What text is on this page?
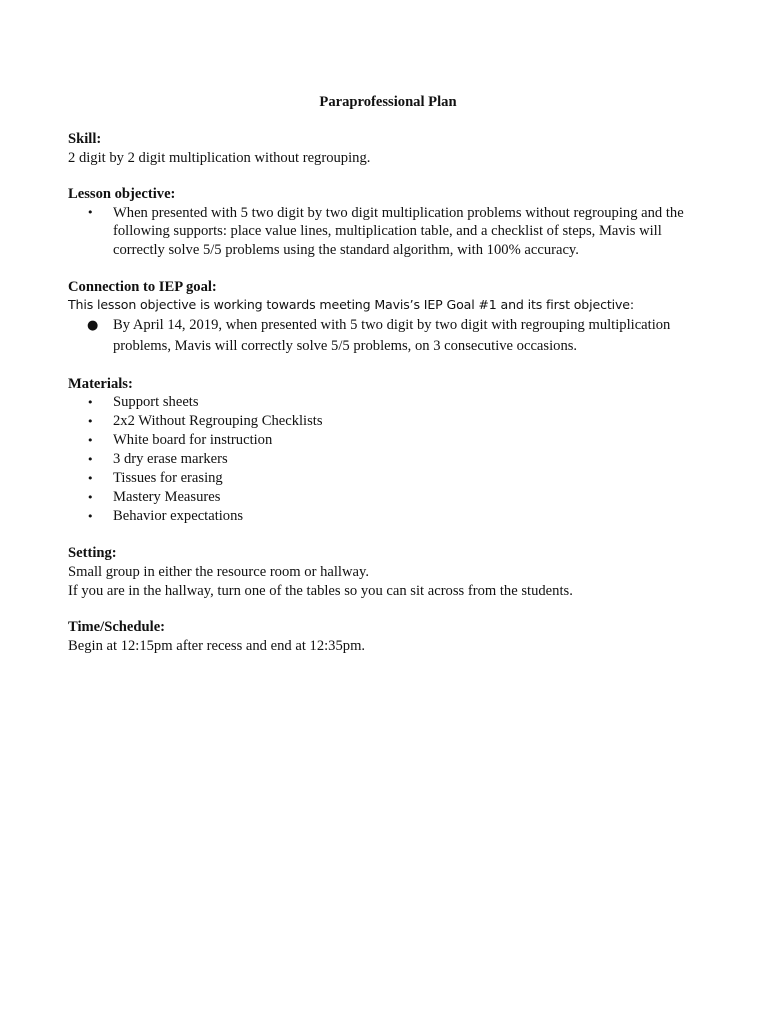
Paraprofessional Plan
Skill:
2 digit by 2 digit multiplication without regrouping.
Lesson objective:
• When presented with 5 two digit by two digit multiplication problems without regrouping and the following supports: place value lines, multiplication table, and a checklist of steps, Mavis will correctly solve 5/5 problems using the standard algorithm, with 100% accuracy.
Connection to IEP goal:
This lesson objective is working towards meeting Mavis’s IEP Goal #1 and its first objective:
● By April 14, 2019, when presented with 5 two digit by two digit with regrouping multiplication problems, Mavis will correctly solve 5/5 problems, on 3 consecutive occasions.
Materials:
• Support sheets
• 2x2 Without Regrouping Checklists
• White board for instruction
• 3 dry erase markers
• Tissues for erasing
• Mastery Measures
• Behavior expectations
Setting:
Small group in either the resource room or hallway.
If you are in the hallway, turn one of the tables so you can sit across from the students.
Time/Schedule:
Begin at 12:15pm after recess and end at 12:35pm.
